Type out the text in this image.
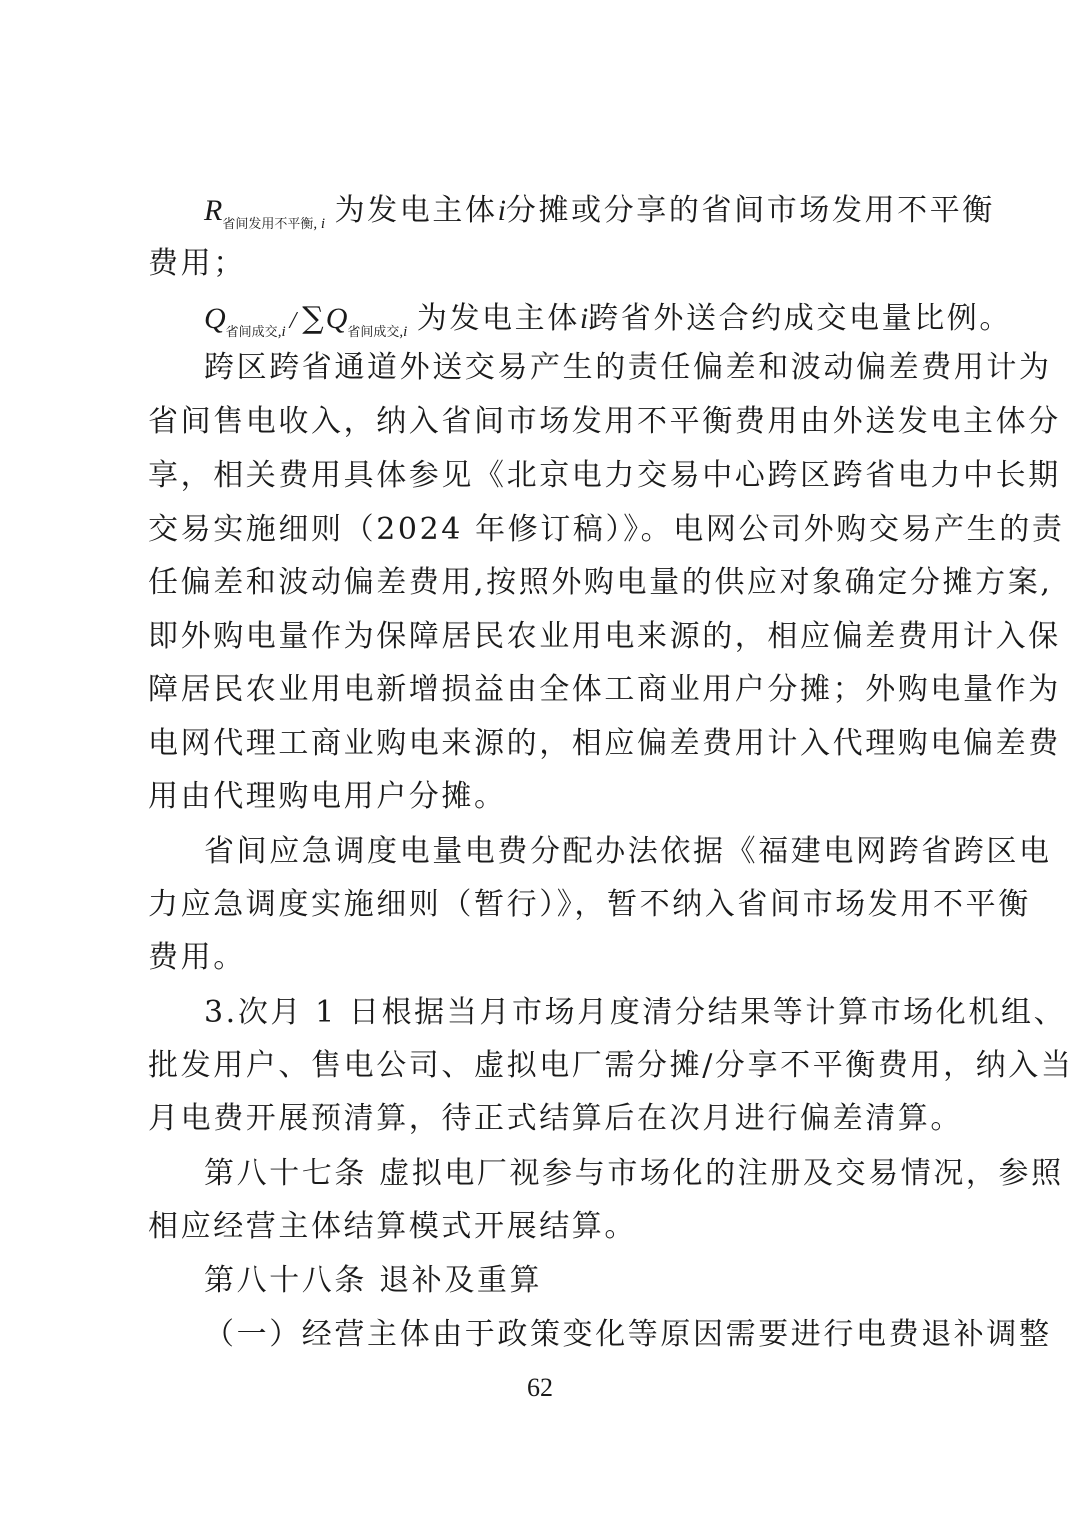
$R_{省间发用不平衡, i}$ 为发电主体i分摊或分享的省间市场发用不平衡
费用；
$Q_{省间成交,i} / \sum Q_{省间成交,i}$ 为发电主体i跨省外送合约成交电量比例。
跨区跨省通道外送交易产生的责任偏差和波动偏差费用计为
省间售电收入，纳入省间市场发用不平衡费用由外送发电主体分
享，相关费用具体参见《北京电力交易中心跨区跨省电力中长期
交易实施细则（2024 年修订稿）》。电网公司外购交易产生的责
任偏差和波动偏差费用,按照外购电量的供应对象确定分摊方案,
即外购电量作为保障居民农业用电来源的，相应偏差费用计入保
障居民农业用电新增损益由全体工商业用户分摊；外购电量作为
电网代理工商业购电来源的，相应偏差费用计入代理购电偏差费
用由代理购电用户分摊。
省间应急调度电量电费分配办法依据《福建电网跨省跨区电
力应急调度实施细则（暂行）》，暂不纳入省间市场发用不平衡
费用。
3.次月 1 日根据当月市场月度清分结果等计算市场化机组、
批发用户、售电公司、虚拟电厂需分摊/分享不平衡费用，纳入当
月电费开展预清算，待正式结算后在次月进行偏差清算。
第八十七条 虚拟电厂视参与市场化的注册及交易情况，参照
相应经营主体结算模式开展结算。
第八十八条 退补及重算
（一）经营主体由于政策变化等原因需要进行电费退补调整
62
